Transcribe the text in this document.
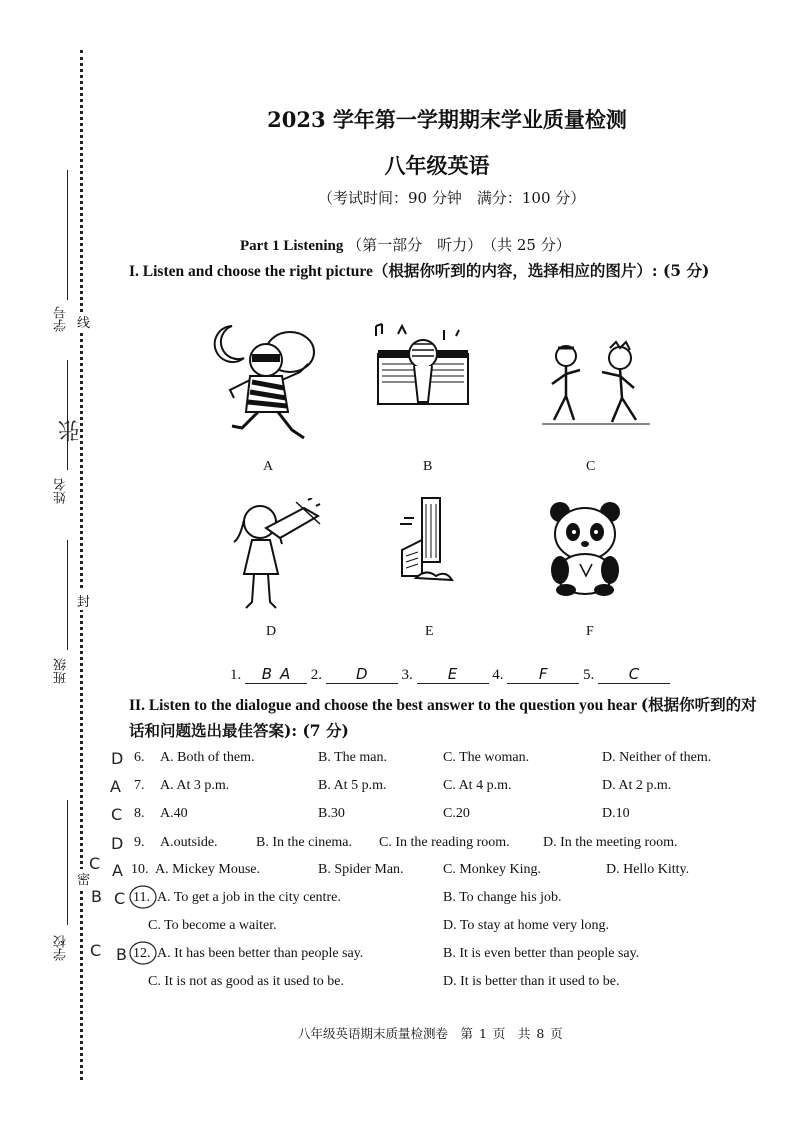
学号 线
张
姓名
封
班级
密
学校
2023 学年第一学期期末学业质量检测
八年级英语
（考试时间：90 分钟　满分：100 分）
Part 1 Listening （第一部分　听力）　（共 25 分）
I. Listen and choose the right picture（根据你听到的内容，选择相应的图片）: (5 分)
A	B	C
D	E	F
1. B A 2. D 3. E 4. F 5. C
II. Listen to the dialogue and choose the best answer to the question you hear (根据你听到的对话和问题选出最佳答案): (7 分)
D 6. A. Both of them.	B. The man.	C. The woman.	D. Neither of them.
A 7. A. At 3 p.m.	B. At 5 p.m.	C. At 4 p.m.	D. At 2 p.m.
C 8. A.40	B.30	C.20	D.10
D 9. A.outside.	B. In the cinema. C. In the reading room. D. In the meeting room.
C A 10. A. Mickey Mouse.	B. Spider Man.	C. Monkey King.	D. Hello Kitty.
B C 11. A. To get a job in the city centre.	B. To change his job.
C. To become a waiter.	D. To stay at home very long.
C B 12. A. It has been better than people say.	B. It is even better than people say.
C. It is not as good as it used to be.	D. It is better than it used to be.
八年级英语期末质量检测卷　第 1 页　共 8 页
